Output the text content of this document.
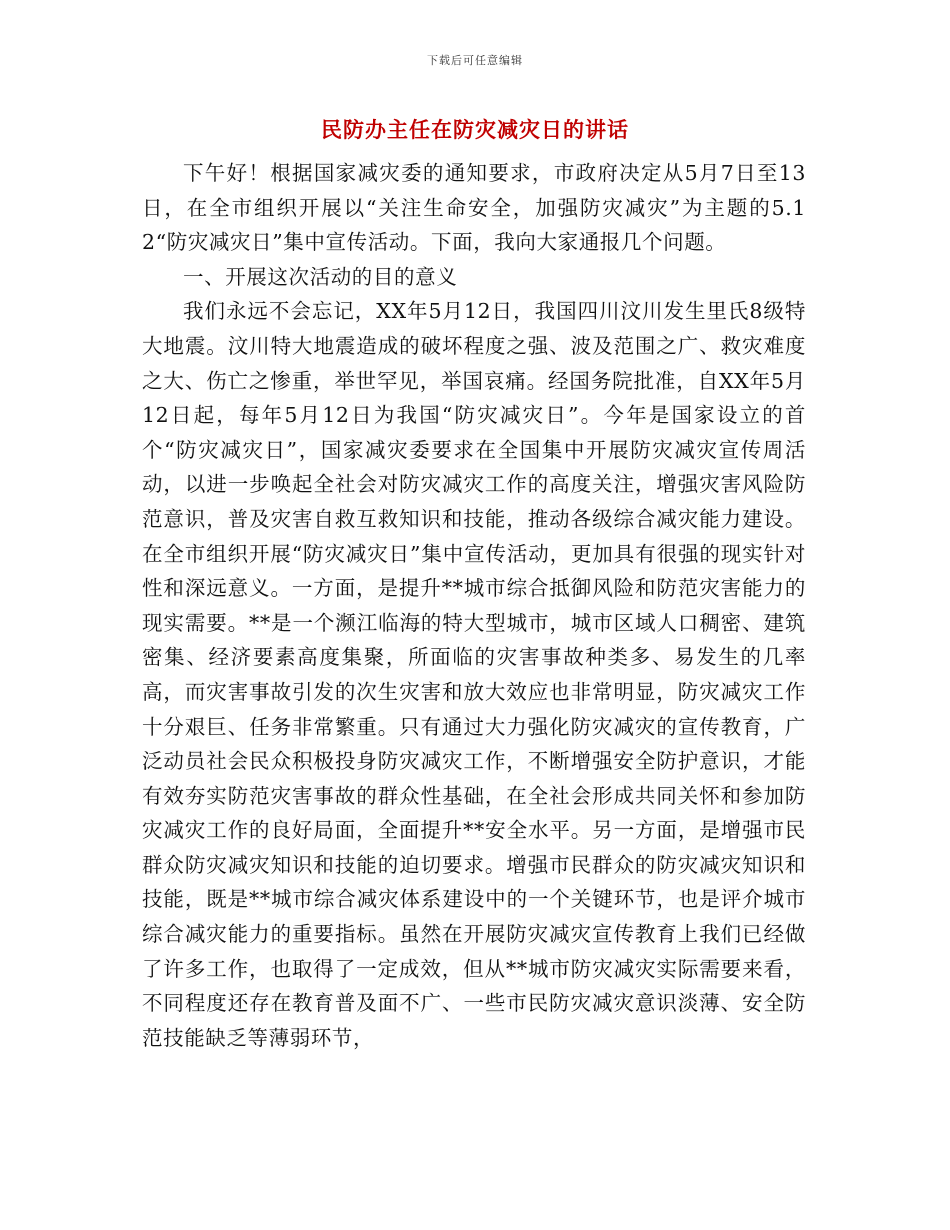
下载后可任意编辑
民防办主任在防灾减灾日的讲话

下午好！根据国家减灾委的通知要求，市政府决定从5月7日至13日，在全市组织开展以“关注生命安全，加强防灾减灾”为主题的5.12“防灾减灾日”集中宣传活动。下面，我向大家通报几个问题。

一、开展这次活动的目的意义

我们永远不会忘记，XX年5月12日，我国四川汶川发生里氏8级特大地震。汶川特大地震造成的破坏程度之强、波及范围之广、救灾难度之大、伤亡之惨重，举世罕见，举国哀痛。经国务院批准，自XX年5月12日起，每年5月12日为我国“防灾减灾日”。今年是国家设立的首个“防灾减灾日”，国家减灾委要求在全国集中开展防灾减灾宣传周活动，以进一步唤起全社会对防灾减灾工作的高度关注，增强灾害风险防范意识，普及灾害自救互救知识和技能，推动各级综合减灾能力建设。在全市组织开展“防灾减灾日”集中宣传活动，更加具有很强的现实针对性和深远意义。一方面，是提升**城市综合抵御风险和防范灾害能力的现实需要。**是一个濒江临海的特大型城市，城市区域人口稠密、建筑密集、经济要素高度集聚，所面临的灾害事故种类多、易发生的几率高，而灾害事故引发的次生灾害和放大效应也非常明显，防灾减灾工作十分艰巨、任务非常繁重。只有通过大力强化防灾减灾的宣传教育，广泛动员社会民众积极投身防灾减灾工作，不断增强安全防护意识，才能有效夯实防范灾害事故的群众性基础，在全社会形成共同关怀和参加防灾减灾工作的良好局面，全面提升**安全水平。另一方面，是增强市民群众防灾减灾知识和技能的迫切要求。增强市民群众的防灾减灾知识和技能，既是**城市综合减灾体系建设中的一个关键环节，也是评介城市综合减灾能力的重要指标。虽然在开展防灾减灾宣传教育上我们已经做了许多工作，也取得了一定成效，但从**城市防灾减灾实际需要来看，不同程度还存在教育普及面不广、一些市民防灾减灾意识淡薄、安全防范技能缺乏等薄弱环节，
